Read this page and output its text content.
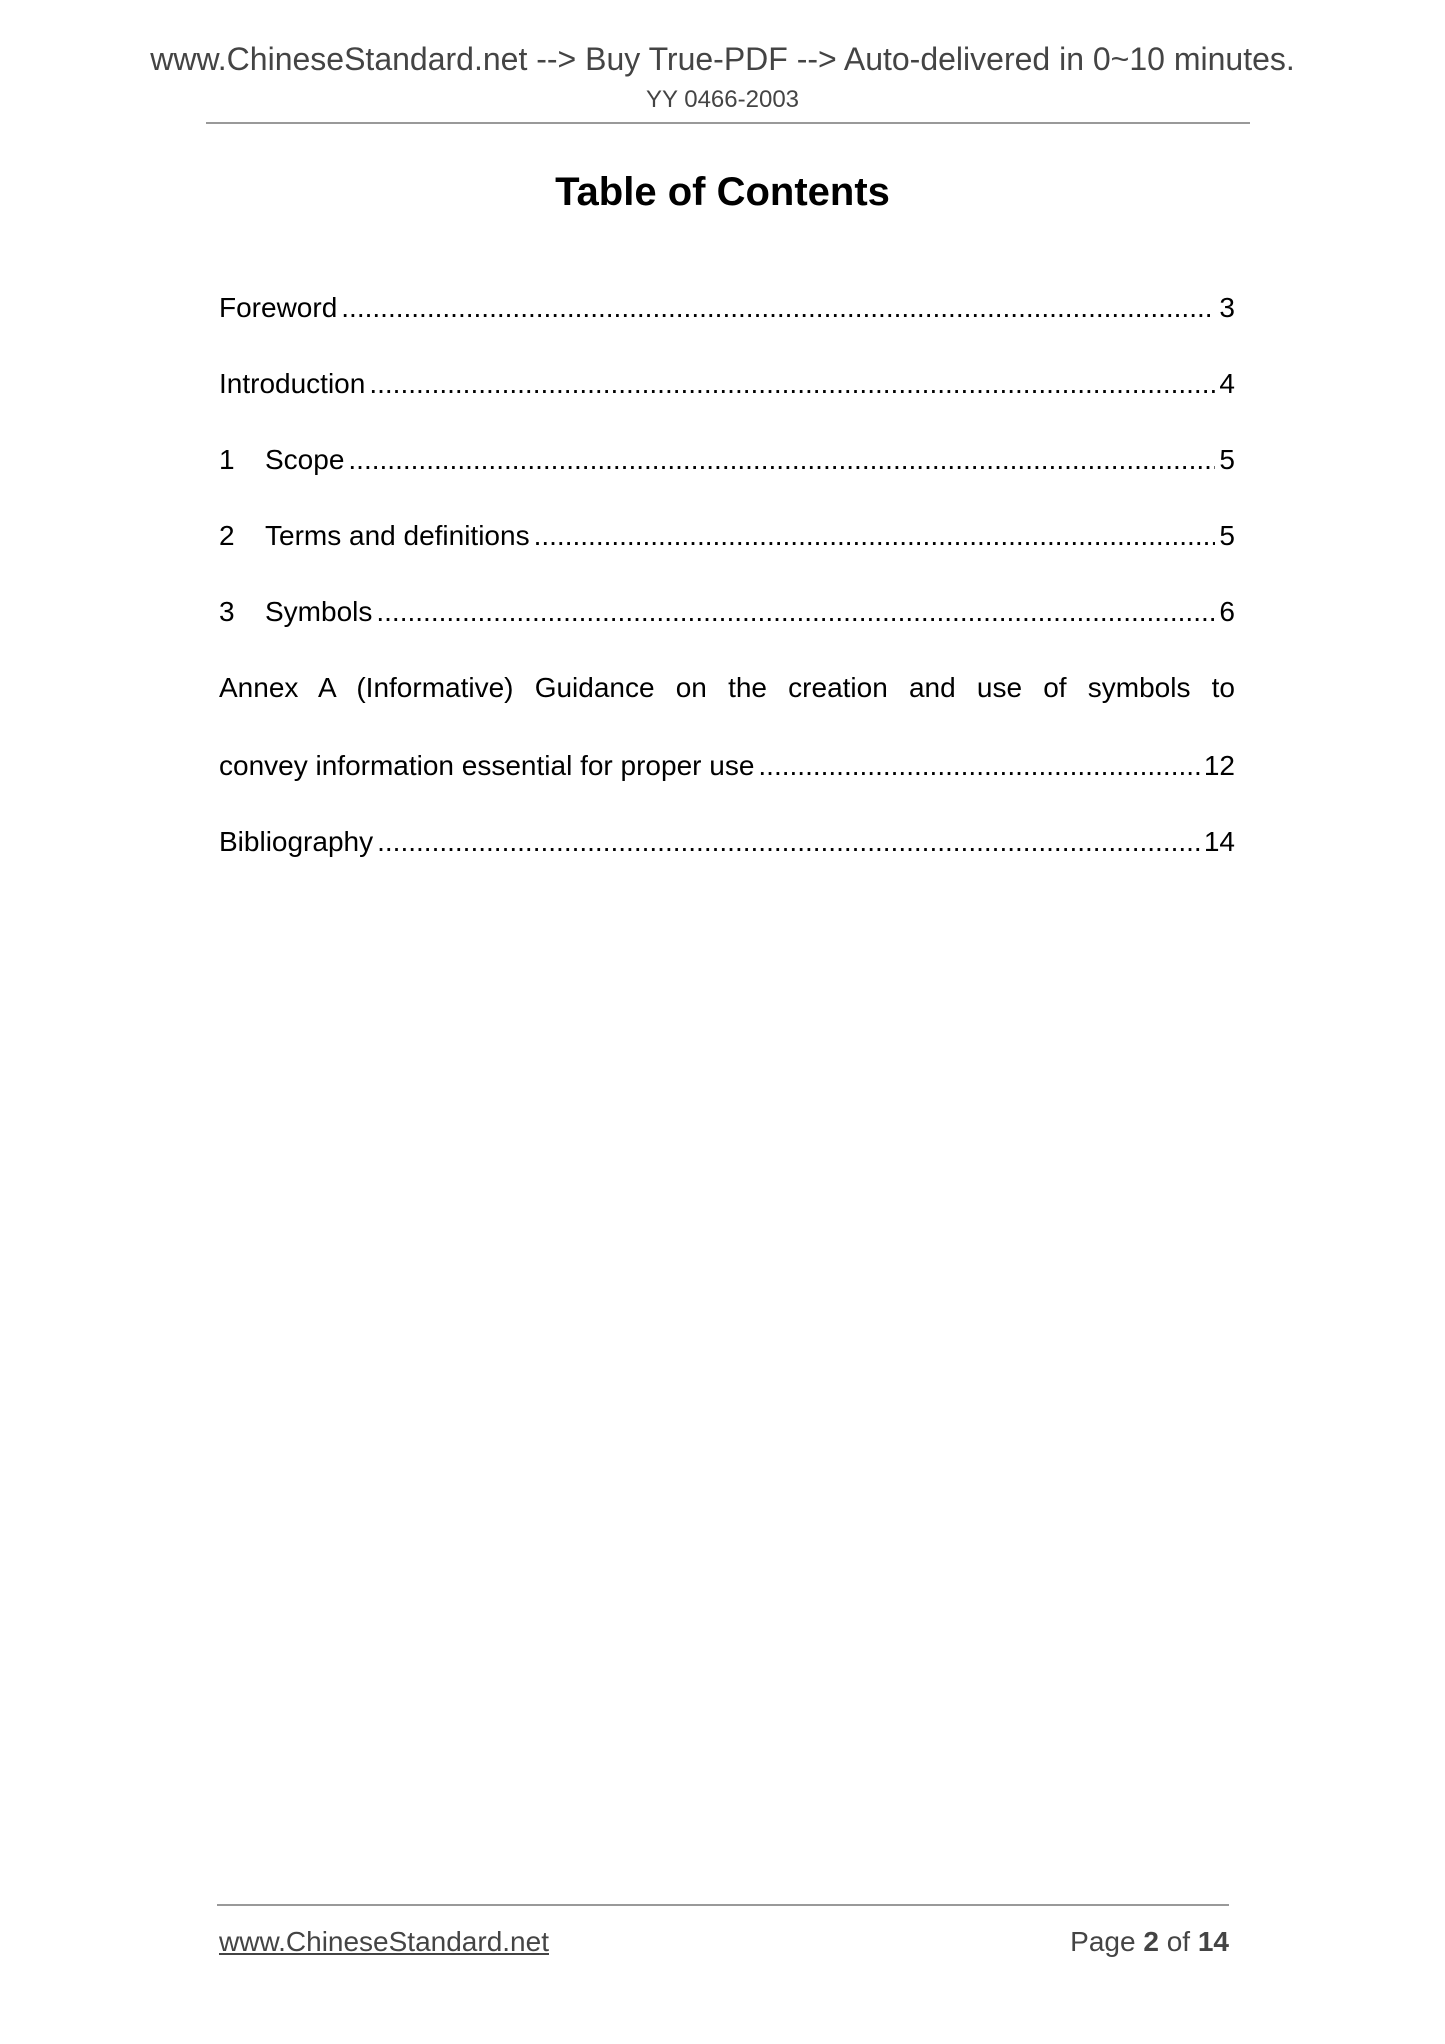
www.ChineseStandard.net --> Buy True-PDF --> Auto-delivered in 0~10 minutes.
YY 0466-2003
Table of Contents
Foreword .....	3
Introduction .....	4
1	Scope .....	5
2	Terms and definitions .....	5
3	Symbols .....	6
Annex A (Informative) Guidance on the creation and use of symbols to
convey information essential for proper use .....	12
Bibliography .....	14
www.ChineseStandard.net	Page 2 of 14
